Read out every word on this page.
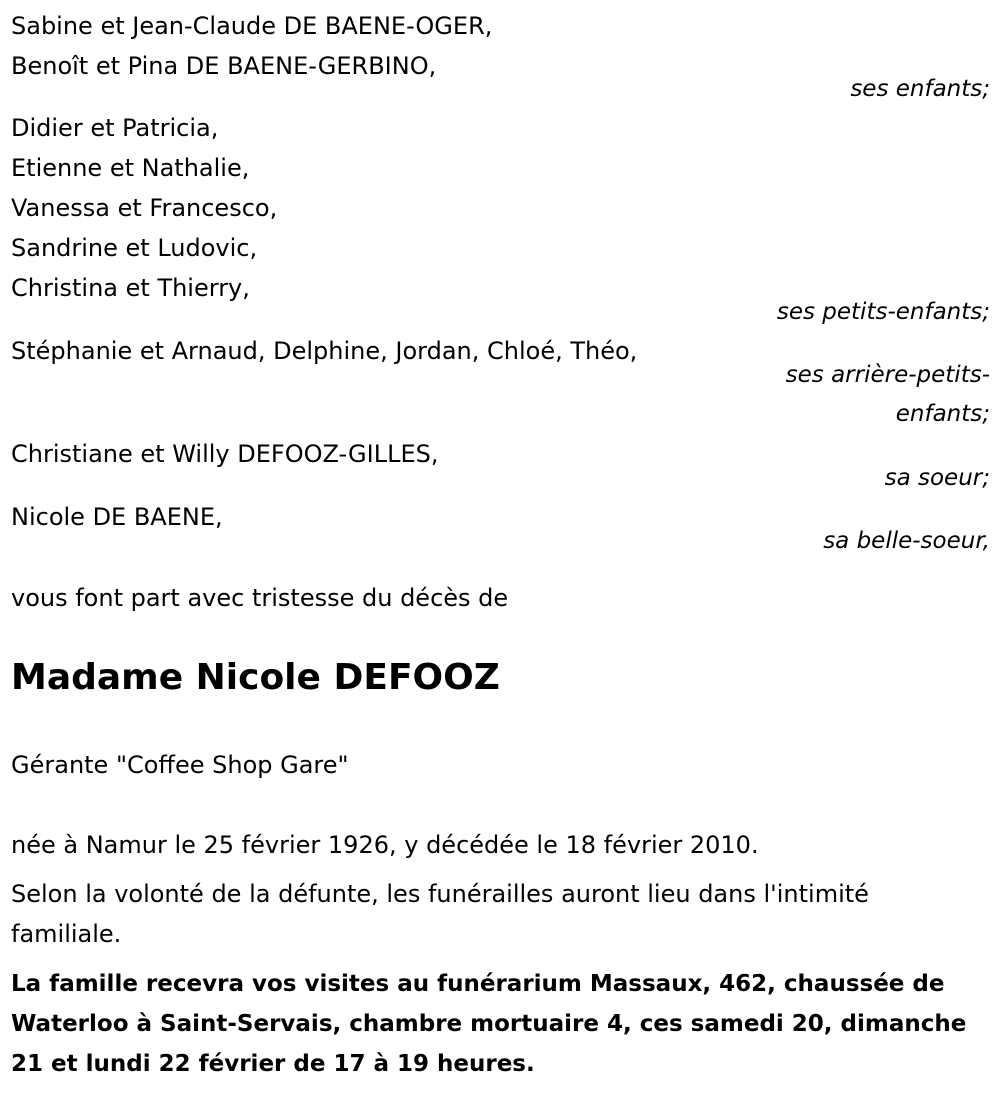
Sabine et Jean-Claude DE BAENE-OGER,
Benoît et Pina DE BAENE-GERBINO,
ses enfants;
Didier et Patricia,
Etienne et Nathalie,
Vanessa et Francesco,
Sandrine et Ludovic,
Christina et Thierry,
ses petits-enfants;
Stéphanie et Arnaud, Delphine, Jordan, Chloé, Théo,
ses arrière-petits-
enfants;
Christiane et Willy DEFOOZ-GILLES,
sa soeur;
Nicole DE BAENE,
sa belle-soeur,
vous font part avec tristesse du décès de
Madame Nicole DEFOOZ
Gérante "Coffee Shop Gare"
née à Namur le 25 février 1926, y décédée le 18 février 2010.
Selon la volonté de la défunte, les funérailles auront lieu dans l'intimité familiale.
La famille recevra vos visites au funérarium Massaux, 462, chaussée de Waterloo à Saint-Servais, chambre mortuaire 4, ces samedi 20, dimanche 21 et lundi 22 février de 17 à 19 heures.
